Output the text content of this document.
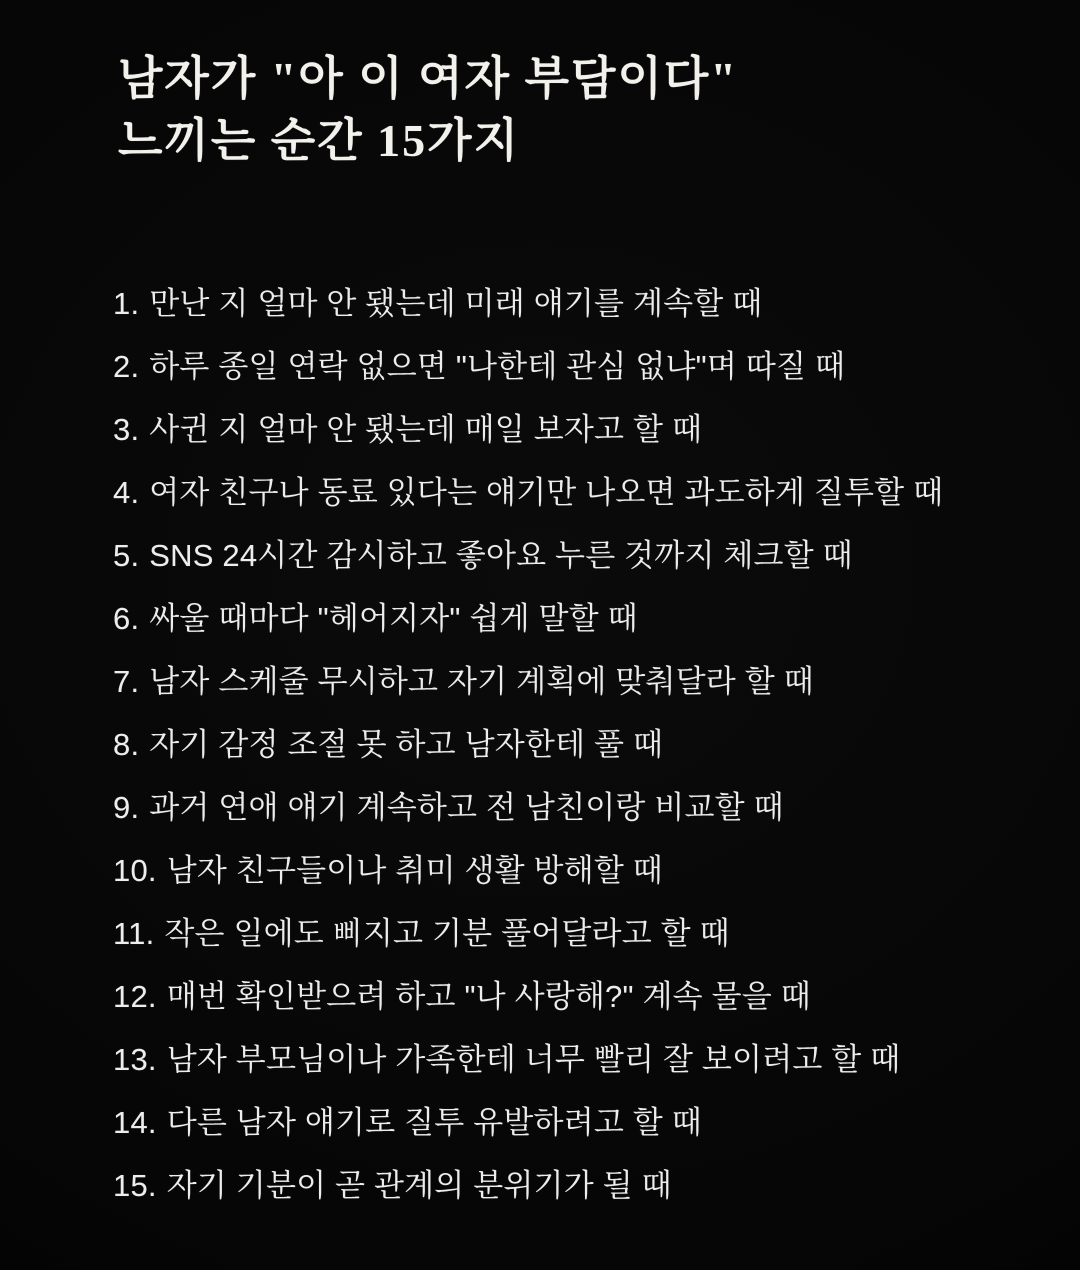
남자가 "아 이 여자 부담이다"
느끼는 순간 15가지
1. 만난 지 얼마 안 됐는데 미래 얘기를 계속할 때
2. 하루 종일 연락 없으면 "나한테 관심 없냐"며 따질 때
3. 사귄 지 얼마 안 됐는데 매일 보자고 할 때
4. 여자 친구나 동료 있다는 얘기만 나오면 과도하게 질투할 때
5. SNS 24시간 감시하고 좋아요 누른 것까지 체크할 때
6. 싸울 때마다 "헤어지자" 쉽게 말할 때
7. 남자 스케줄 무시하고 자기 계획에 맞춰달라 할 때
8. 자기 감정 조절 못 하고 남자한테 풀 때
9. 과거 연애 얘기 계속하고 전 남친이랑 비교할 때
10. 남자 친구들이나 취미 생활 방해할 때
11. 작은 일에도 삐지고 기분 풀어달라고 할 때
12. 매번 확인받으려 하고 "나 사랑해?" 계속 물을 때
13. 남자 부모님이나 가족한테 너무 빨리 잘 보이려고 할 때
14. 다른 남자 얘기로 질투 유발하려고 할 때
15. 자기 기분이 곧 관계의 분위기가 될 때
